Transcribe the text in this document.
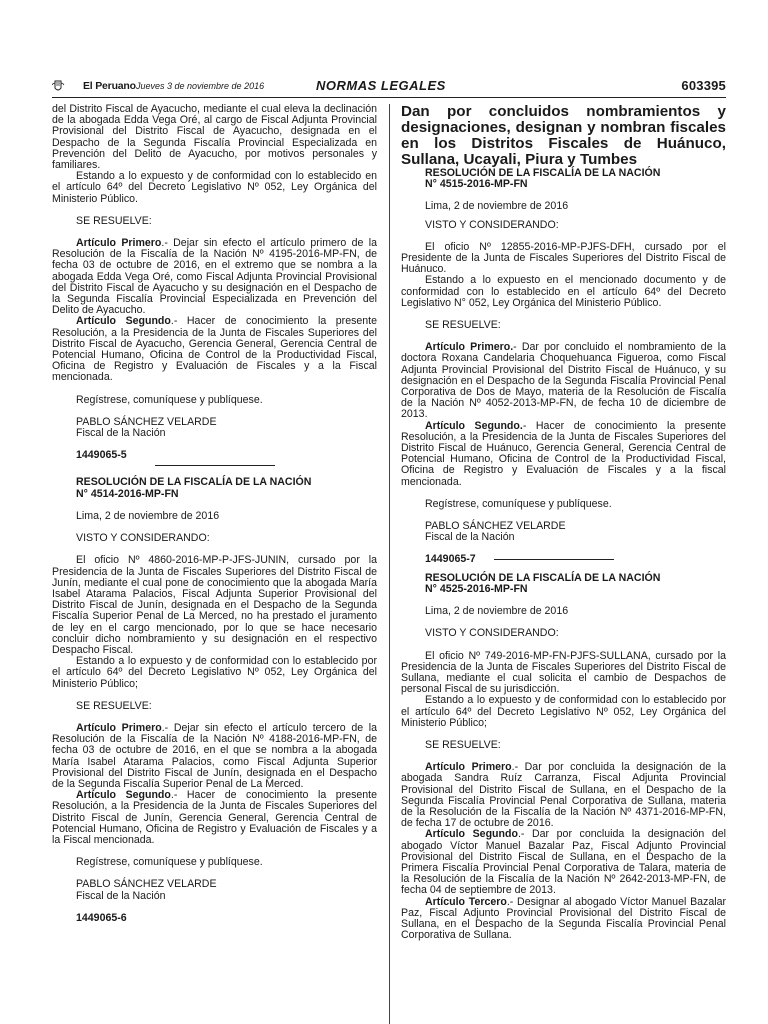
El Peruano Jueves 3 de noviembre de 2016	NORMAS LEGALES	603395

del Distrito Fiscal de Ayacucho, mediante el cual eleva la declinación de la abogada Edda Vega Oré, al cargo de Fiscal Adjunta Provincial Provisional del Distrito Fiscal de Ayacucho, designada en el Despacho de la Segunda Fiscalía Provincial Especializada en Prevención del Delito de Ayacucho, por motivos personales y familiares.

Estando a lo expuesto y de conformidad con lo establecido en el artículo 64º del Decreto Legislativo Nº 052, Ley Orgánica del Ministerio Público.

SE RESUELVE:

Artículo Primero.- Dejar sin efecto el artículo primero de la Resolución de la Fiscalía de la Nación Nº 4195-2016-MP-FN, de fecha 03 de octubre de 2016, en el extremo que se nombra a la abogada Edda Vega Oré, como Fiscal Adjunta Provincial Provisional del Distrito Fiscal de Ayacucho y su designación en el Despacho de la Segunda Fiscalía Provincial Especializada en Prevención del Delito de Ayacucho.

Artículo Segundo.- Hacer de conocimiento la presente Resolución, a la Presidencia de la Junta de Fiscales Superiores del Distrito Fiscal de Ayacucho, Gerencia General, Gerencia Central de Potencial Humano, Oficina de Control de la Productividad Fiscal, Oficina de Registro y Evaluación de Fiscales y a la Fiscal mencionada.

Regístrese, comuníquese y publíquese.

PABLO SÁNCHEZ VELARDE

Fiscal de la Nación

1449065-5

RESOLUCIÓN DE LA FISCALÍA DE LA NACIÓN

N° 4514-2016-MP-FN

Lima, 2 de noviembre de 2016

VISTO Y CONSIDERANDO:

El oficio Nº 4860-2016-MP-P-JFS-JUNIN, cursado por la Presidencia de la Junta de Fiscales Superiores del Distrito Fiscal de Junín, mediante el cual pone de conocimiento que la abogada María Isabel Atarama Palacios, Fiscal Adjunta Superior Provisional del Distrito Fiscal de Junín, designada en el Despacho de la Segunda Fiscalía Superior Penal de La Merced, no ha prestado el juramento de ley en el cargo mencionado, por lo que se hace necesario concluir dicho nombramiento y su designación en el respectivo Despacho Fiscal.

Estando a lo expuesto y de conformidad con lo establecido por el artículo 64º del Decreto Legislativo Nº 052, Ley Orgánica del Ministerio Público;

SE RESUELVE:

Artículo Primero.- Dejar sin efecto el artículo tercero de la Resolución de la Fiscalía de la Nación Nº 4188-2016-MP-FN, de fecha 03 de octubre de 2016, en el que se nombra a la abogada María Isabel Atarama Palacios, como Fiscal Adjunta Superior Provisional del Distrito Fiscal de Junín, designada en el Despacho de la Segunda Fiscalía Superior Penal de La Merced.

Artículo Segundo.- Hacer de conocimiento la presente Resolución, a la Presidencia de la Junta de Fiscales Superiores del Distrito Fiscal de Junín, Gerencia General, Gerencia Central de Potencial Humano, Oficina de Registro y Evaluación de Fiscales y a la Fiscal mencionada.

Regístrese, comuníquese y publíquese.

PABLO SÁNCHEZ VELARDE

Fiscal de la Nación

1449065-6

Dan por concluidos nombramientos y designaciones, designan y nombran fiscales en los Distritos Fiscales de Huánuco, Sullana, Ucayali, Piura y Tumbes

RESOLUCIÓN DE LA FISCALÍA DE LA NACIÓN

N° 4515-2016-MP-FN

Lima, 2 de noviembre de 2016

VISTO Y CONSIDERANDO:

El oficio Nº 12855-2016-MP-PJFS-DFH, cursado por el Presidente de la Junta de Fiscales Superiores del Distrito Fiscal de Huánuco.

Estando a lo expuesto en el mencionado documento y de conformidad con lo establecido en el artículo 64º del Decreto Legislativo N° 052, Ley Orgánica del Ministerio Público.

SE RESUELVE:

Artículo Primero.- Dar por concluido el nombramiento de la doctora Roxana Candelaria Choquehuanca Figueroa, como Fiscal Adjunta Provincial Provisional del Distrito Fiscal de Huánuco, y su designación en el Despacho de la Segunda Fiscalía Provincial Penal Corporativa de Dos de Mayo, materia de la Resolución de Fiscalía de la Nación Nº 4052-2013-MP-FN, de fecha 10 de diciembre de 2013.

Artículo Segundo.- Hacer de conocimiento la presente Resolución, a la Presidencia de la Junta de Fiscales Superiores del Distrito Fiscal de Huánuco, Gerencia General, Gerencia Central de Potencial Humano, Oficina de Control de la Productividad Fiscal, Oficina de Registro y Evaluación de Fiscales y a la fiscal mencionada.

Regístrese, comuníquese y publíquese.

PABLO SÁNCHEZ VELARDE

Fiscal de la Nación

1449065-7

RESOLUCIÓN DE LA FISCALÍA DE LA NACIÓN

N° 4525-2016-MP-FN

Lima, 2 de noviembre de 2016

VISTO Y CONSIDERANDO:

El oficio Nº 749-2016-MP-FN-PJFS-SULLANA, cursado por la Presidencia de la Junta de Fiscales Superiores del Distrito Fiscal de Sullana, mediante el cual solicita el cambio de Despachos de personal Fiscal de su jurisdicción.

Estando a lo expuesto y de conformidad con lo establecido por el artículo 64º del Decreto Legislativo Nº 052, Ley Orgánica del Ministerio Público;

SE RESUELVE:

Artículo Primero.- Dar por concluida la designación de la abogada Sandra Ruíz Carranza, Fiscal Adjunta Provincial Provisional del Distrito Fiscal de Sullana, en el Despacho de la Segunda Fiscalía Provincial Penal Corporativa de Sullana, materia de la Resolución de la Fiscalía de la Nación Nº 4371-2016-MP-FN, de fecha 17 de octubre de 2016.

Artículo Segundo.- Dar por concluida la designación del abogado Víctor Manuel Bazalar Paz, Fiscal Adjunto Provincial Provisional del Distrito Fiscal de Sullana, en el Despacho de la Primera Fiscalía Provincial Penal Corporativa de Talara, materia de la Resolución de la Fiscalía de la Nación Nº 2642-2013-MP-FN, de fecha 04 de septiembre de 2013.

Artículo Tercero.- Designar al abogado Víctor Manuel Bazalar Paz, Fiscal Adjunto Provincial Provisional del Distrito Fiscal de Sullana, en el Despacho de la Segunda Fiscalía Provincial Penal Corporativa de Sullana.
